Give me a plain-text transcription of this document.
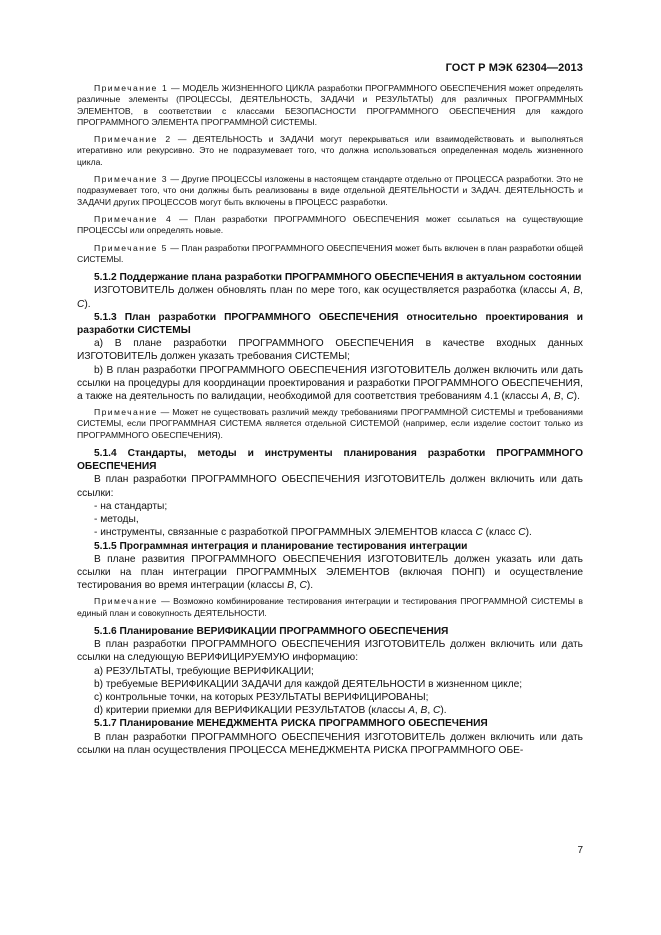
ГОСТ Р МЭК 62304—2013

Примечание 1 — МОДЕЛЬ ЖИЗНЕННОГО ЦИКЛА разработки ПРОГРАММНОГО ОБЕСПЕЧЕНИЯ может определять различные элементы (ПРОЦЕССЫ, ДЕЯТЕЛЬНОСТЬ, ЗАДАЧИ и РЕЗУЛЬТАТЫ) для различных ПРОГРАММНЫХ ЭЛЕМЕНТОВ, в соответствии с классами БЕЗОПАСНОСТИ ПРОГРАММНОГО ОБЕСПЕЧЕНИЯ для каждого ПРОГРАММНОГО ЭЛЕМЕНТА ПРОГРАММНОЙ СИСТЕМЫ.

Примечание 2 — ДЕЯТЕЛЬНОСТЬ и ЗАДАЧИ могут перекрываться или взаимодействовать и выполняться итеративно или рекурсивно. Это не подразумевает того, что должна использоваться определенная модель жизненного цикла.

Примечание 3 — Другие ПРОЦЕССЫ изложены в настоящем стандарте отдельно от ПРОЦЕССА разработки. Это не подразумевает того, что они должны быть реализованы в виде отдельной ДЕЯТЕЛЬНОСТИ и ЗАДАЧ. ДЕЯТЕЛЬНОСТЬ и ЗАДАЧИ других ПРОЦЕССОВ могут быть включены в ПРОЦЕСС разработки.

Примечание 4 — План разработки ПРОГРАММНОГО ОБЕСПЕЧЕНИЯ может ссылаться на существующие ПРОЦЕССЫ или определять новые.

Примечание 5 — План разработки ПРОГРАММНОГО ОБЕСПЕЧЕНИЯ может быть включен в план разработки общей СИСТЕМЫ.

5.1.2 Поддержание плана разработки ПРОГРАММНОГО ОБЕСПЕЧЕНИЯ в актуальном состоянии

ИЗГОТОВИТЕЛЬ должен обновлять план по мере того, как осуществляется разработка (классы А, В, С).

5.1.3 План разработки ПРОГРАММНОГО ОБЕСПЕЧЕНИЯ относительно проектирования и разработки СИСТЕМЫ

a) В плане разработки ПРОГРАММНОГО ОБЕСПЕЧЕНИЯ в качестве входных данных ИЗГОТОВИТЕЛЬ должен указать требования СИСТЕМЫ;

b) В план разработки ПРОГРАММНОГО ОБЕСПЕЧЕНИЯ ИЗГОТОВИТЕЛЬ должен включить или дать ссылки на процедуры для координации проектирования и разработки ПРОГРАММНОГО ОБЕСПЕЧЕНИЯ, а также на деятельность по валидации, необходимой для соответствия требованиям 4.1 (классы А, В, С).

Примечание — Может не существовать различий между требованиями ПРОГРАММНОЙ СИСТЕМЫ и требованиями СИСТЕМЫ, если ПРОГРАММНАЯ СИСТЕМА является отдельной СИСТЕМОЙ (например, если изделие состоит только из ПРОГРАММНОГО ОБЕСПЕЧЕНИЯ).

5.1.4 Стандарты, методы и инструменты планирования разработки ПРОГРАММНОГО ОБЕСПЕЧЕНИЯ

В план разработки ПРОГРАММНОГО ОБЕСПЕЧЕНИЯ ИЗГОТОВИТЕЛЬ должен включить или дать ссылки:

- на стандарты;

- методы,

- инструменты, связанные с разработкой ПРОГРАММНЫХ ЭЛЕМЕНТОВ класса С (класс С).

5.1.5 Программная интеграция и планирование тестирования интеграции

В плане развития ПРОГРАММНОГО ОБЕСПЕЧЕНИЯ ИЗГОТОВИТЕЛЬ должен указать или дать ссылки на план интеграции ПРОГРАММНЫХ ЭЛЕМЕНТОВ (включая ПОНП) и осуществление тестирования во время интеграции (классы В, С).

Примечание — Возможно комбинирование тестирования интеграции и тестирования ПРОГРАММНОЙ СИСТЕМЫ в единый план и совокупность ДЕЯТЕЛЬНОСТИ.

5.1.6 Планирование ВЕРИФИКАЦИИ ПРОГРАММНОГО ОБЕСПЕЧЕНИЯ

В план разработки ПРОГРАММНОГО ОБЕСПЕЧЕНИЯ ИЗГОТОВИТЕЛЬ должен включить или дать ссылки на следующую ВЕРИФИЦИРУЕМУЮ информацию:

a) РЕЗУЛЬТАТЫ, требующие ВЕРИФИКАЦИИ;

b) требуемые ВЕРИФИКАЦИИ ЗАДАЧИ для каждой ДЕЯТЕЛЬНОСТИ в жизненном цикле;

c) контрольные точки, на которых РЕЗУЛЬТАТЫ ВЕРИФИЦИРОВАНЫ;

d) критерии приемки для ВЕРИФИКАЦИИ РЕЗУЛЬТАТОВ (классы А, В, С).

5.1.7 Планирование МЕНЕДЖМЕНТА РИСКА ПРОГРАММНОГО ОБЕСПЕЧЕНИЯ

В план разработки ПРОГРАММНОГО ОБЕСПЕЧЕНИЯ ИЗГОТОВИТЕЛЬ должен включить или дать ссылки на план осуществления ПРОЦЕССА МЕНЕДЖМЕНТА РИСКА ПРОГРАММНОГО ОБЕ-

7
